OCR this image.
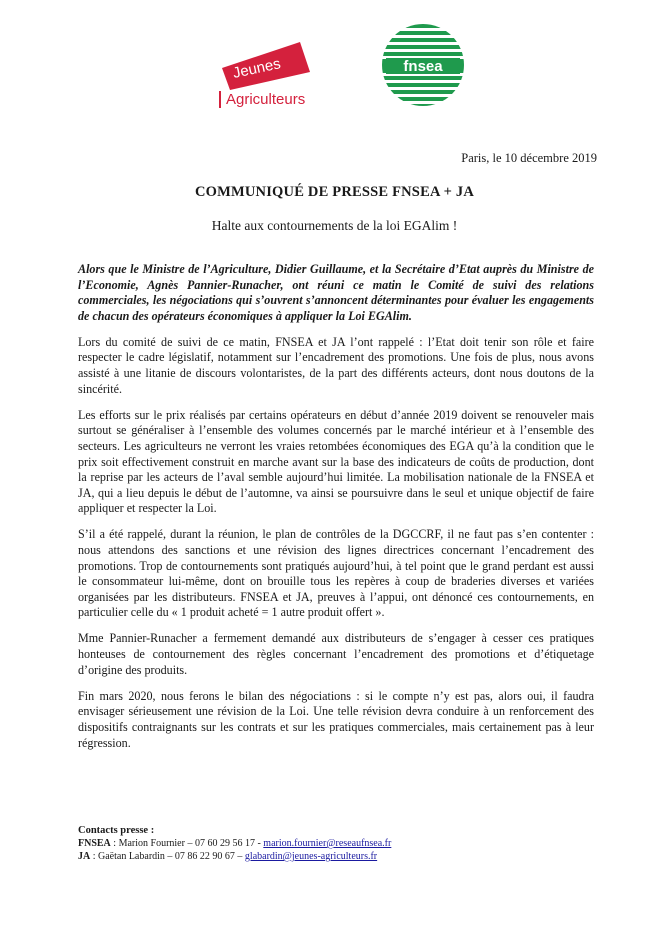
Jeunes
Agriculteurs
fnsea
Paris, le 10 décembre 2019
COMMUNIQUÉ DE PRESSE FNSEA + JA
Halte aux contournements de la loi EGAlim !

Alors que le Ministre de l’Agriculture, Didier Guillaume, et la Secrétaire d’Etat auprès du Ministre de l’Economie, Agnès Pannier-Runacher, ont réuni ce matin le Comité de suivi des relations commerciales, les négociations qui s’ouvrent s’annoncent déterminantes pour évaluer les engagements de chacun des opérateurs économiques à appliquer la Loi EGAlim.

Lors du comité de suivi de ce matin, FNSEA et JA l’ont rappelé : l’Etat doit tenir son rôle et faire respecter le cadre législatif, notamment sur l’encadrement des promotions. Une fois de plus, nous avons assisté à une litanie de discours volontaristes, de la part des différents acteurs, dont nous doutons de la sincérité.

Les efforts sur le prix réalisés par certains opérateurs en début d’année 2019 doivent se renouveler mais surtout se généraliser à l’ensemble des volumes concernés par le marché intérieur et à l’ensemble des secteurs. Les agriculteurs ne verront les vraies retombées économiques des EGA qu’à la condition que le prix soit effectivement construit en marche avant sur la base des indicateurs de coûts de production, dont la reprise par les acteurs de l’aval semble aujourd’hui limitée. La mobilisation nationale de la FNSEA et JA, qui a lieu depuis le début de l’automne, va ainsi se poursuivre dans le seul et unique objectif de faire appliquer et respecter la Loi.

S’il a été rappelé, durant la réunion, le plan de contrôles de la DGCCRF, il ne faut pas s’en contenter : nous attendons des sanctions et une révision des lignes directrices concernant l’encadrement des promotions. Trop de contournements sont pratiqués aujourd’hui, à tel point que le grand perdant est aussi le consommateur lui-même, dont on brouille tous les repères à coup de braderies diverses et variées organisées par les distributeurs. FNSEA et JA, preuves à l’appui, ont dénoncé ces contournements, en particulier celle du « 1 produit acheté = 1 autre produit offert ».

Mme Pannier-Runacher a fermement demandé aux distributeurs de s’engager à cesser ces pratiques honteuses de contournement des règles concernant l’encadrement des promotions et d’étiquetage d’origine des produits.

Fin mars 2020, nous ferons le bilan des négociations : si le compte n’y est pas, alors oui, il faudra envisager sérieusement une révision de la Loi. Une telle révision devra conduire à un renforcement des dispositifs contraignants sur les contrats et sur les pratiques commerciales, mais certainement pas à leur régression.

Contacts presse :
FNSEA : Marion Fournier – 07 60 29 56 17 - marion.fournier@reseaufnsea.fr
JA : Gaëtan Labardin – 07 86 22 90 67 – glabardin@jeunes-agriculteurs.fr
